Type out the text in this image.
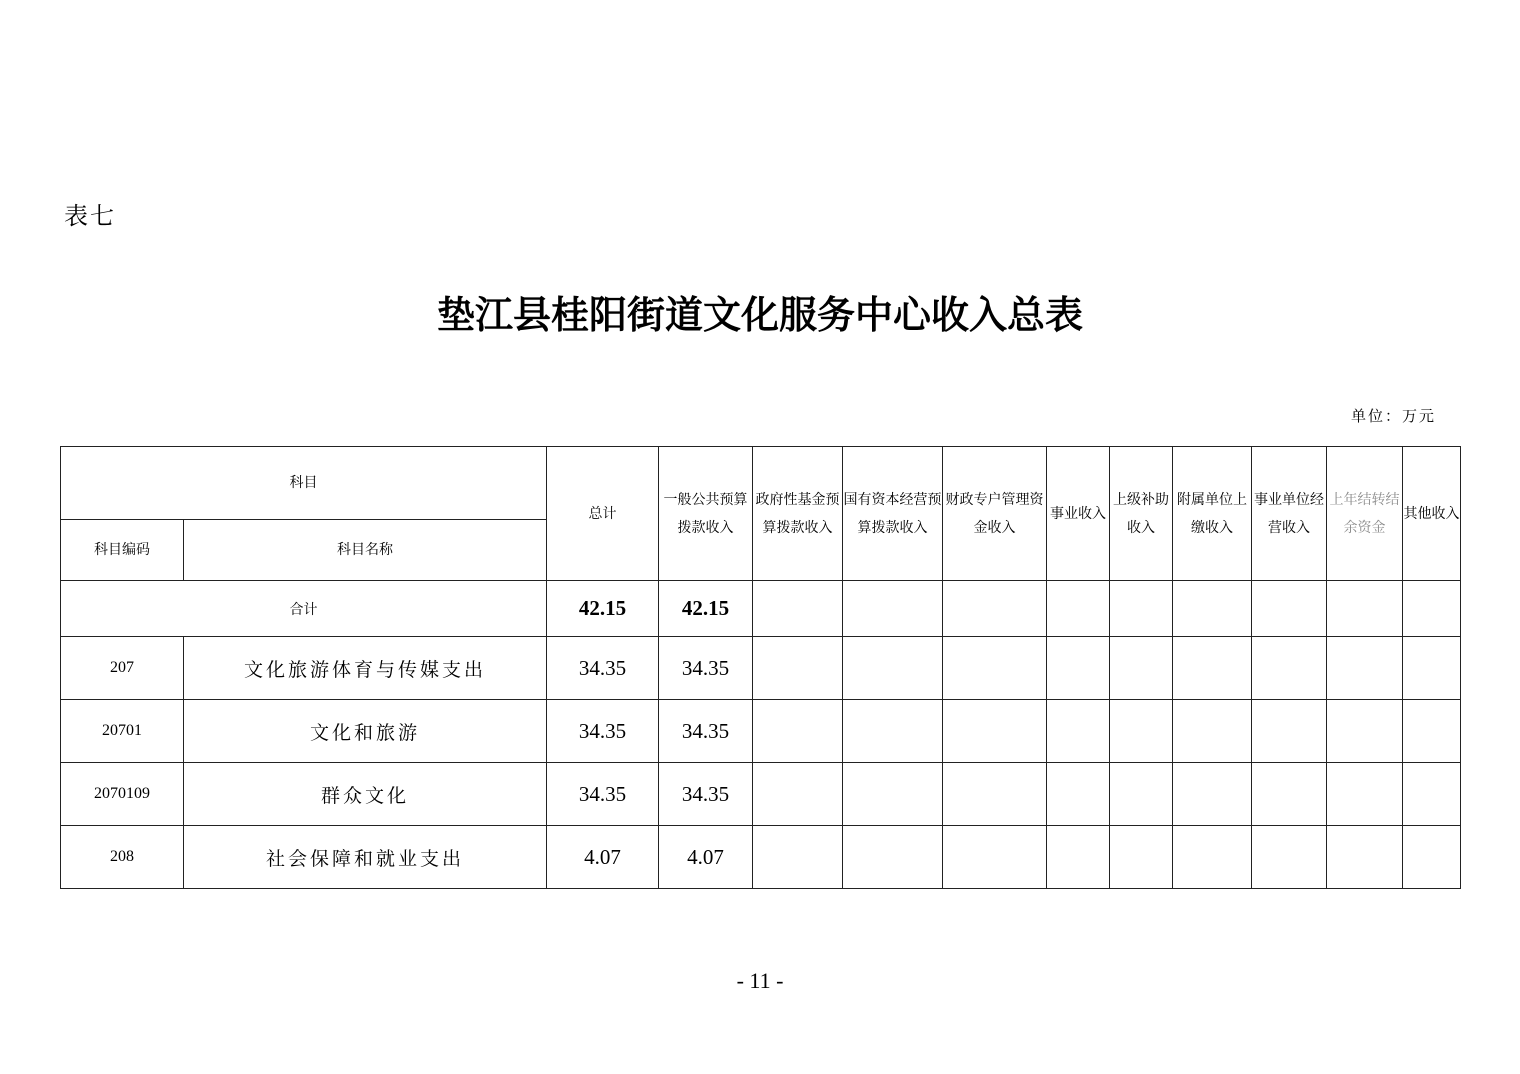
表七
垫江县桂阳街道文化服务中心收入总表
单位：万元
科目		总计	一般公共预算拨款收入	政府性基金预算拨款收入	国有资本经营预算拨款收入	财政专户管理资金收入	事业收入	上级补助收入	附属单位上缴收入	事业单位经营收入	上年结转结余资金	其他收入
科目编码	科目名称											
合计		42.15	42.15									
207	文化旅游体育与传媒支出	34.35	34.35									
20701	文化和旅游	34.35	34.35									
2070109	群众文化	34.35	34.35									
208	社会保障和就业支出	4.07	4.07									
- 11 -
